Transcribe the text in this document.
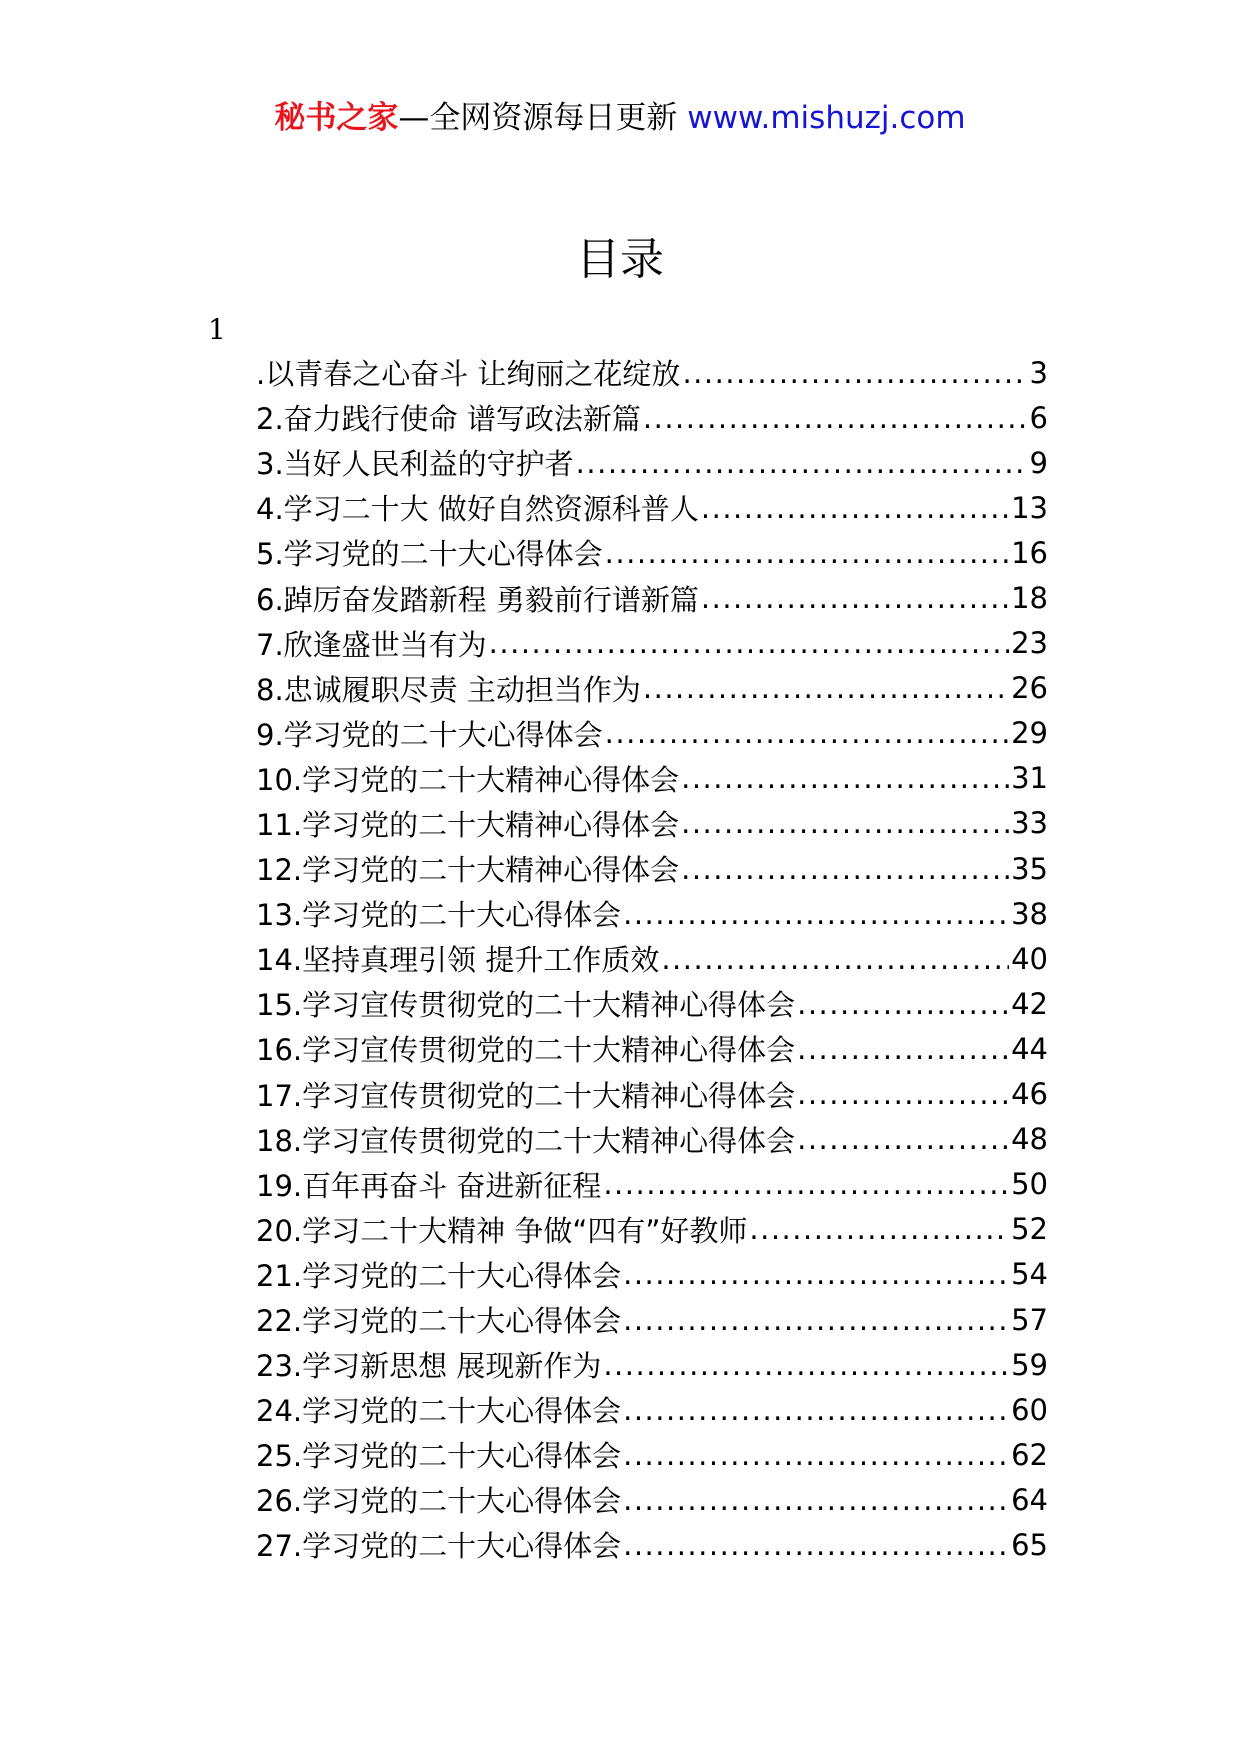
秘书之家—全网资源每日更新 www.mishuzj.com
目录
1
.以青春之心奋斗 让绚丽之花绽放 .....	3
2.奋力践行使命 谱写政法新篇 .....	6
3.当好人民利益的守护者 .....	9
4.学习二十大 做好自然资源科普人 .....	13
5.学习党的二十大心得体会 .....	16
6.踔厉奋发踏新程 勇毅前行谱新篇 .....	18
7.欣逢盛世当有为 .....	23
8.忠诚履职尽责 主动担当作为 .....	26
9.学习党的二十大心得体会 .....	29
10.学习党的二十大精神心得体会 .....	31
11.学习党的二十大精神心得体会 .....	33
12.学习党的二十大精神心得体会 .....	35
13.学习党的二十大心得体会 .....	38
14.坚持真理引领 提升工作质效 .....	40
15.学习宣传贯彻党的二十大精神心得体会 .....	42
16.学习宣传贯彻党的二十大精神心得体会 .....	44
17.学习宣传贯彻党的二十大精神心得体会 .....	46
18.学习宣传贯彻党的二十大精神心得体会 .....	48
19.百年再奋斗 奋进新征程 .....	50
20.学习二十大精神 争做“四有”好教师 .....	52
21.学习党的二十大心得体会 .....	54
22.学习党的二十大心得体会 .....	57
23.学习新思想 展现新作为 .....	59
24.学习党的二十大心得体会 .....	60
25.学习党的二十大心得体会 .....	62
26.学习党的二十大心得体会 .....	64
27.学习党的二十大心得体会 .....	65
